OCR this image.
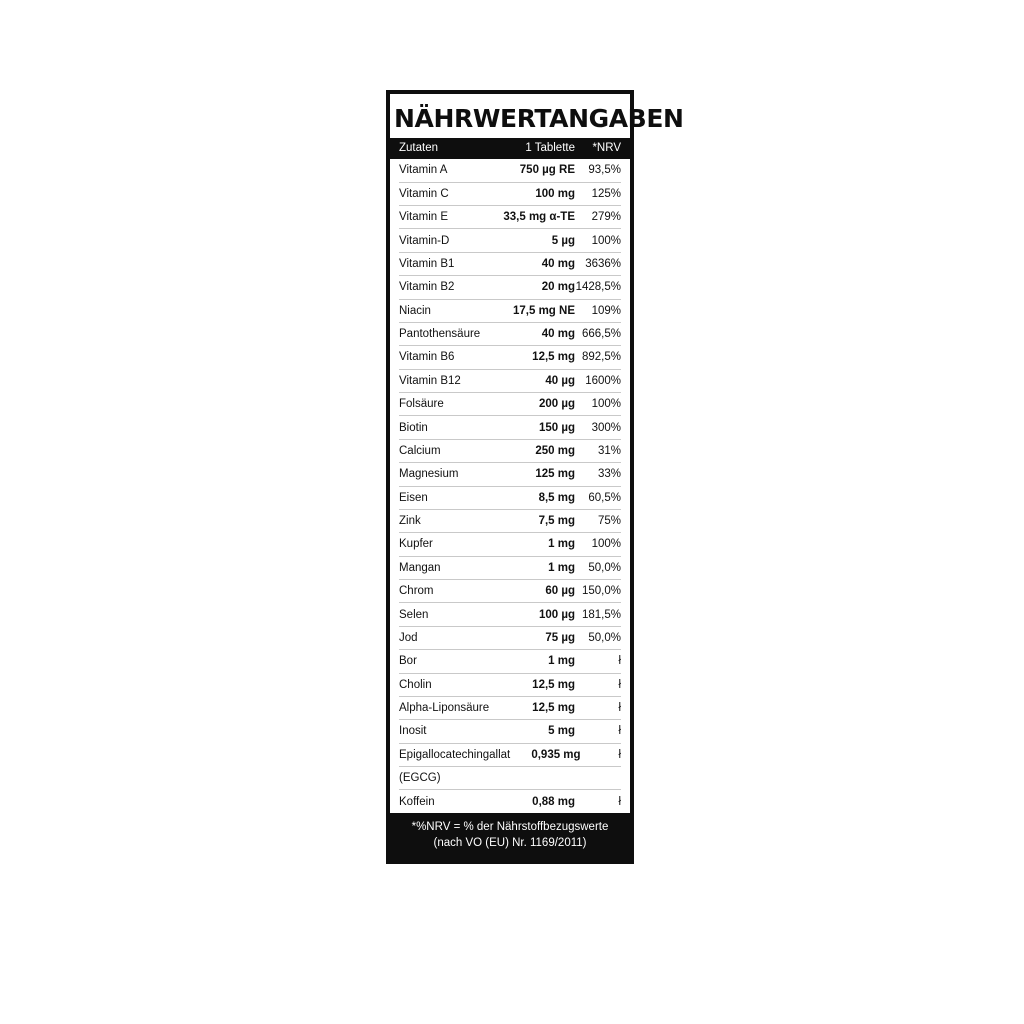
NÄHRWERTANGABEN
Zutaten	1 Tablette	*NRV
Vitamin A	750 µg RE	93,5%
Vitamin C	100 mg	125%
Vitamin E	33,5 mg α-TE	279%
Vitamin-D	5 µg	100%
Vitamin B1	40 mg 3636%
Vitamin B2	20 mg 1428,5%
Niacin	17,5 mg NE	109%
Pantothensäure	40 mg 666,5%
Vitamin B6	12,5 mg 892,5%
Vitamin B12	40 µg 1600%
Folsäure	200 µg	100%
Biotin	150 µg	300%
Calcium	250 mg	31%
Magnesium	125 mg	33%
Eisen	8,5 mg	60,5%
Zink	7,5 mg	75%
Kupfer	1 mg	100%
Mangan	1 mg	50,0%
Chrom	60 µg 150,0%
Selen	100 µg 181,5%
Jod	75 µg	50,0%
Bor	1 mg	ł
Cholin	12,5 mg	ł
Alpha-Liponsäure	12,5 mg	ł
Inosit	5 mg	ł
Epigallocatechingallat	0,935 mg	ł
(EGCG)
Koffein	0,88 mg	ł
*%NRV = % der Nährstoffbezugswerte
(nach VO (EU) Nr. 1169/2011)
